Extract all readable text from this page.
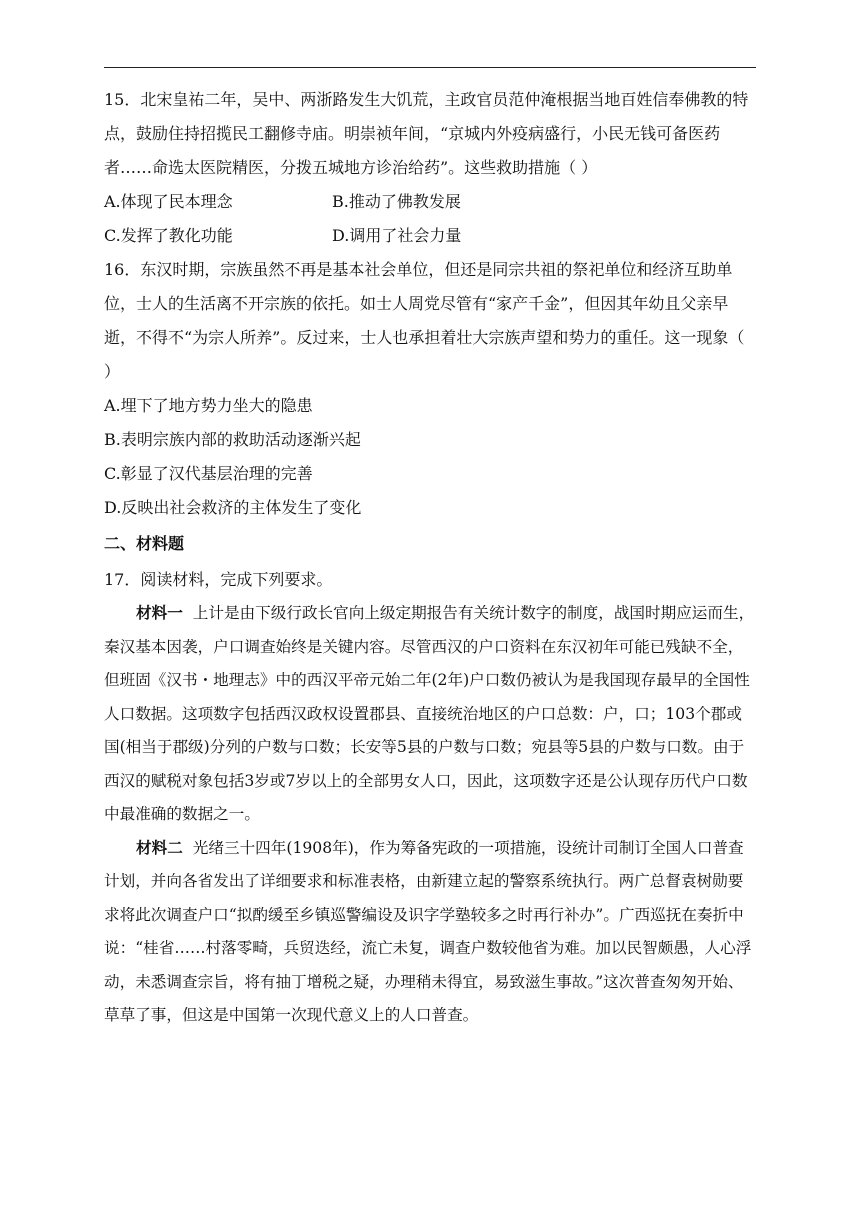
15．北宋皇祐二年，吴中、两浙路发生大饥荒，主政官员范仲淹根据当地百姓信奉佛教的特点，鼓励住持招揽民工翻修寺庙。明崇祯年间，“京城内外疫病盛行，小民无钱可备医药者……命选太医院精医，分拨五城地方诊治给药”。这些救助措施（ ）

A.体现了民本理念	B.推动了佛教发展
C.发挥了教化功能	D.调用了社会力量

16．东汉时期，宗族虽然不再是基本社会单位，但还是同宗共祖的祭祀单位和经济互助单位，士人的生活离不开宗族的依托。如士人周党尽管有“家产千金”，但因其年幼且父亲早逝，不得不“为宗人所养”。反过来，士人也承担着壮大宗族声望和势力的重任。这一现象（ ）

A.埋下了地方势力坐大的隐患

B.表明宗族内部的救助活动逐渐兴起

C.彰显了汉代基层治理的完善

D.反映出社会救济的主体发生了变化

二、材料题

17．阅读材料，完成下列要求。

材料一 上计是由下级行政长官向上级定期报告有关统计数字的制度，战国时期应运而生，秦汉基本因袭，户口调查始终是关键内容。尽管西汉的户口资料在东汉初年可能已残缺不全，但班固《汉书・地理志》中的西汉平帝元始二年(2年)户口数仍被认为是我国现存最早的全国性人口数据。这项数字包括西汉政权设置郡县、直接统治地区的户口总数：户，口；103个郡或国(相当于郡级)分列的户数与口数；长安等5县的户数与口数；宛县等5县的户数与口数。由于西汉的赋税对象包括3岁或7岁以上的全部男女人口，因此，这项数字还是公认现存历代户口数中最准确的数据之一。

材料二 光绪三十四年(1908年)，作为筹备宪政的一项措施，设统计司制订全国人口普查计划，并向各省发出了详细要求和标准表格，由新建立起的警察系统执行。两广总督袁树勋要求将此次调查户口“拟酌缓至乡镇巡警编设及识字学塾较多之时再行补办”。广西巡抚在奏折中说：“桂省……村落零畸，兵贸迭经，流亡未复，调查户数较他省为难。加以民智颇愚，人心浮动，未悉调查宗旨，将有抽丁增税之疑，办理稍未得宜，易致滋生事故。”这次普查匆匆开始、草草了事，但这是中国第一次现代意义上的人口普查。
